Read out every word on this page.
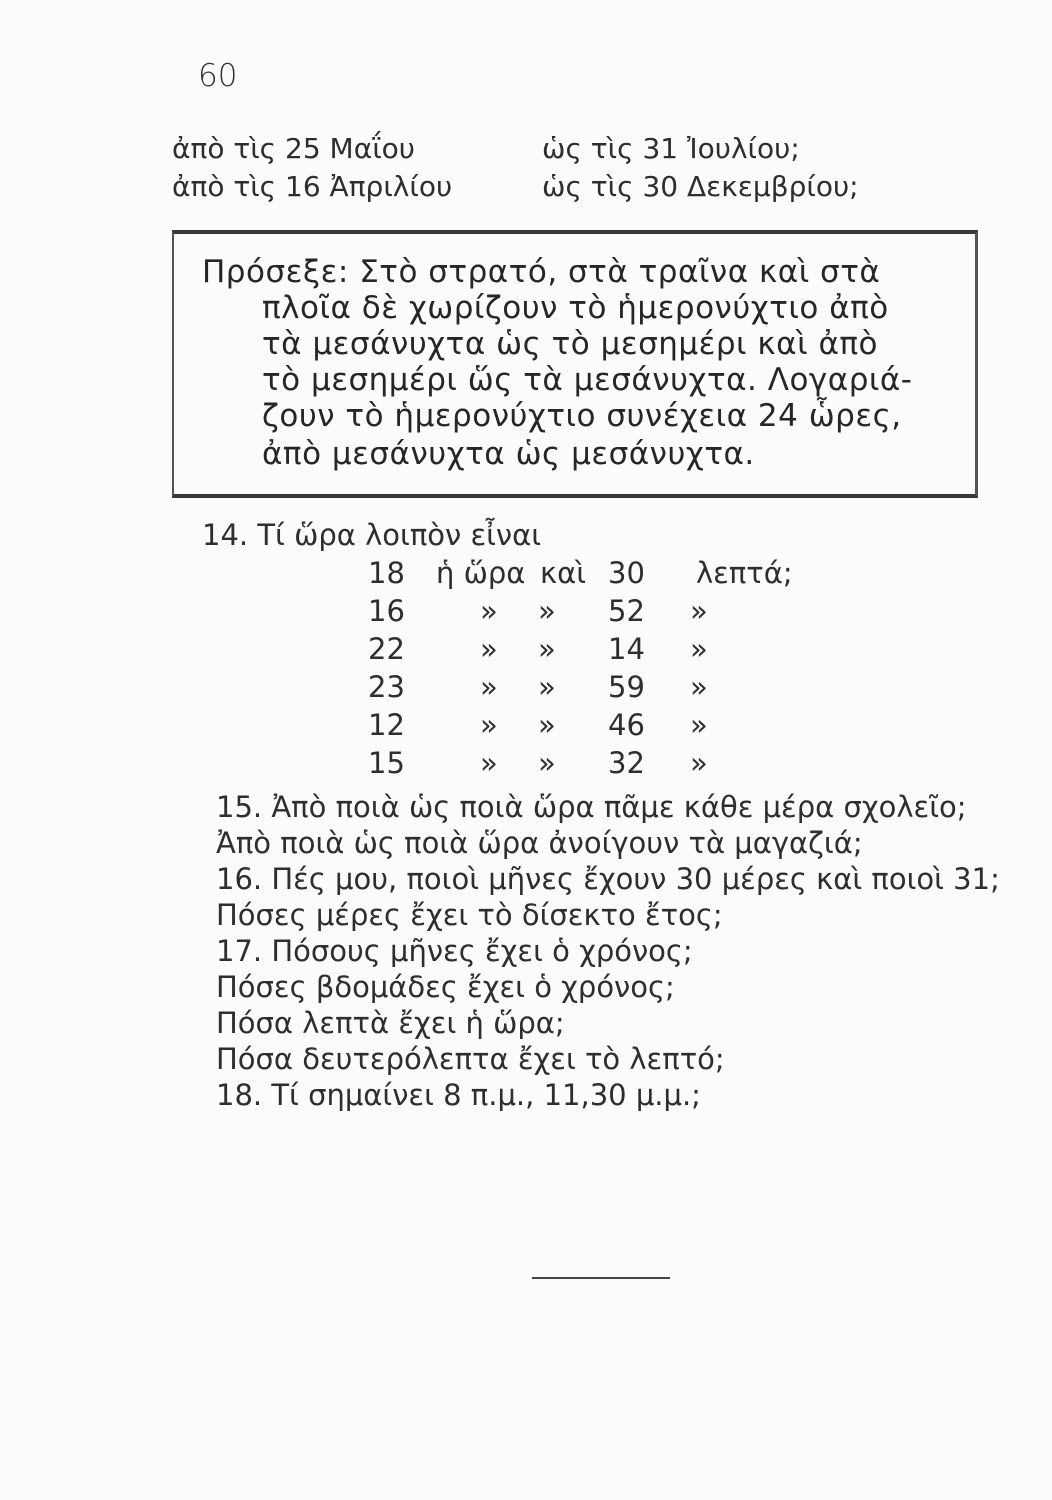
60
ἀπὸ τὶς 25 Μαΐου	ὡς τὶς 31 Ἰουλίου;
ἀπὸ τὶς 16 Ἀπριλίου	ὡς τὶς 30 Δεκεμβρίου;
Πρόσεξε: Στὸ στρατό, στὰ τραῖνα καὶ στὰ
πλοῖα δὲ χωρίζουν τὸ ἡμερονύχτιο ἀπὸ
τὰ μεσάνυχτα ὡς τὸ μεσημέρι καὶ ἀπὸ
τὸ μεσημέρι ὥς τὰ μεσάνυχτα. Λογαριά-
ζουν τὸ ἡμερονύχτιο συνέχεια 24 ὧρες,
ἀπὸ μεσάνυχτα ὡς μεσάνυχτα.
14. Τί ὥρα λοιπὸν εἶναι
18 ἡ ὥρα καὶ 30 λεπτά;
16	» » 52 »
22	» » 14 »
23	» » 59 »
12	» » 46 »
15	» » 32 »
15. Ἀπὸ ποιὰ ὡς ποιὰ ὥρα πᾶμε κάθε μέρα σχολεῖο;
Ἀπὸ ποιὰ ὡς ποιὰ ὥρα ἀνοίγουν τὰ μαγαζιά;
16. Πές μου, ποιοὶ μῆνες ἔχουν 30 μέρες καὶ ποιοὶ 31;
Πόσες μέρες ἔχει τὸ δίσεκτο ἔτος;
17. Πόσους μῆνες ἔχει ὁ χρόνος;
Πόσες βδομάδες ἔχει ὁ χρόνος;
Πόσα λεπτὰ ἔχει ἡ ὥρα;
Πόσα δευτερόλεπτα ἔχει τὸ λεπτό;
18. Τί σημαίνει 8 π.μ., 11,30 μ.μ.;
